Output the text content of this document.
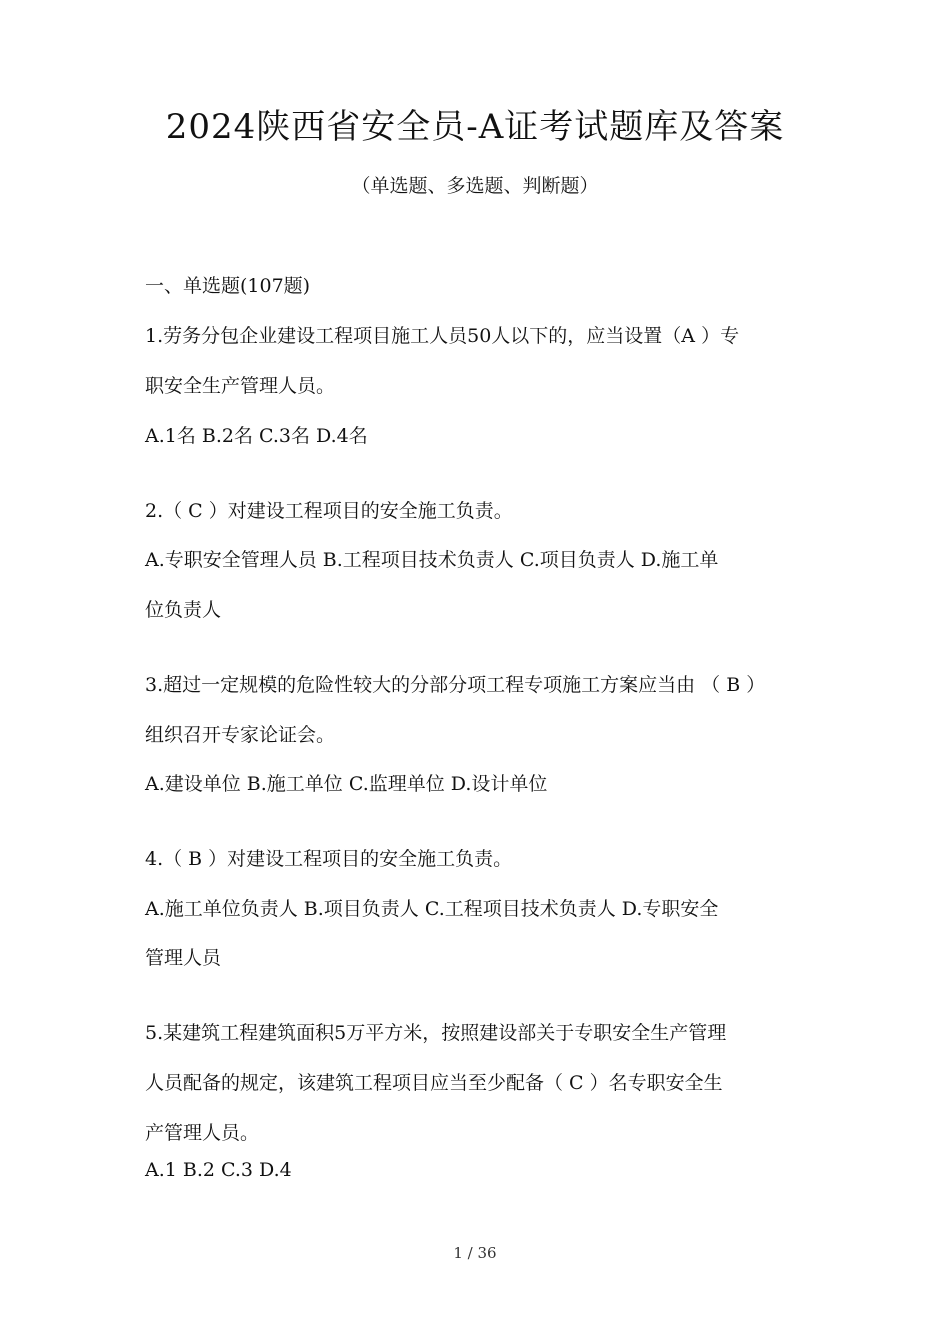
2024陕西省安全员-A证考试题库及答案

（单选题、多选题、判断题）

一、单选题(107题)

1.劳务分包企业建设工程项目施工人员50人以下的，应当设置（A ）专

职安全生产管理人员。

A.1名 B.2名 C.3名 D.4名

2.（ C ）对建设工程项目的安全施工负责。

A.专职安全管理人员 B.工程项目技术负责人 C.项目负责人 D.施工单

位负责人

3.超过一定规模的危险性较大的分部分项工程专项施工方案应当由 （ B ）

组织召开专家论证会。

A.建设单位 B.施工单位 C.监理单位 D.设计单位

4.（ B ）对建设工程项目的安全施工负责。

A.施工单位负责人 B.项目负责人 C.工程项目技术负责人 D.专职安全

管理人员

5.某建筑工程建筑面积5万平方米，按照建设部关于专职安全生产管理

人员配备的规定，该建筑工程项目应当至少配备（ C ）名专职安全生

产管理人员。

A.1 B.2 C.3 D.4

1 / 36
